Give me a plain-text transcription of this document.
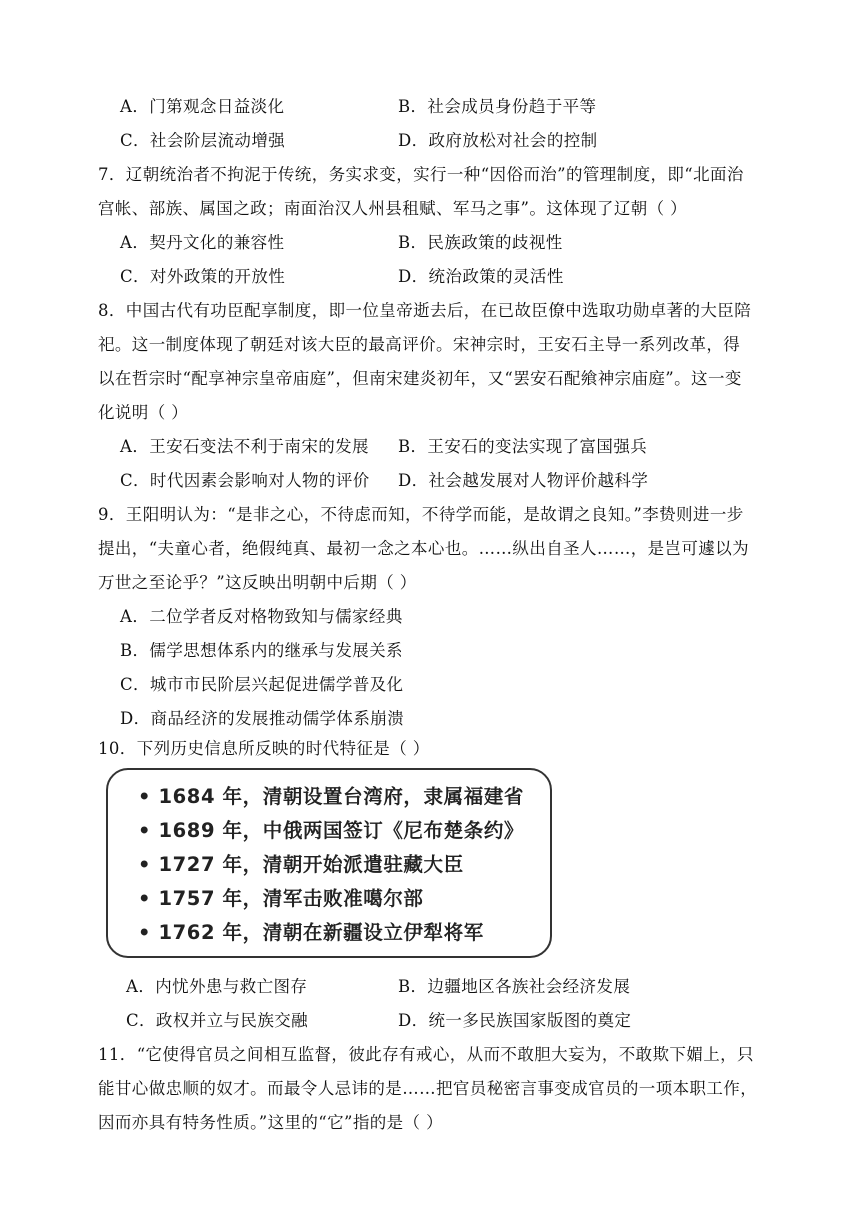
A．门第观念日益淡化	B．社会成员身份趋于平等
C．社会阶层流动增强	D．政府放松对社会的控制
7．辽朝统治者不拘泥于传统，务实求变，实行一种“因俗而治”的管理制度，即“北面治
宫帐、部族、属国之政；南面治汉人州县租赋、军马之事”。这体现了辽朝（ ）
A．契丹文化的兼容性	B．民族政策的歧视性
C．对外政策的开放性	D．统治政策的灵活性
8．中国古代有功臣配享制度，即一位皇帝逝去后，在已故臣僚中选取功勋卓著的大臣陪
祀。这一制度体现了朝廷对该大臣的最高评价。宋神宗时，王安石主导一系列改革，得
以在哲宗时“配享神宗皇帝庙庭”，但南宋建炎初年，又“罢安石配飨神宗庙庭”。这一变
化说明（ ）
A．王安石变法不利于南宋的发展 B．王安石的变法实现了富国强兵
C．时代因素会影响对人物的评价 D．社会越发展对人物评价越科学
9．王阳明认为：“是非之心，不待虑而知，不待学而能，是故谓之良知。”李贽则进一步
提出，“夫童心者，绝假纯真、最初一念之本心也。……纵出自圣人……，是岂可遽以为
万世之至论乎？”这反映出明朝中后期（ ）
A．二位学者反对格物致知与儒家经典
B．儒学思想体系内的继承与发展关系
C．城市市民阶层兴起促进儒学普及化
D．商品经济的发展推动儒学体系崩溃
10．下列历史信息所反映的时代特征是（ ）
• 1684 年，清朝设置台湾府，隶属福建省
• 1689 年，中俄两国签订《尼布楚条约》
• 1727 年，清朝开始派遣驻藏大臣
• 1757 年，清军击败准噶尔部
• 1762 年，清朝在新疆设立伊犁将军
A．内忧外患与救亡图存	B．边疆地区各族社会经济发展
C．政权并立与民族交融	D．统一多民族国家版图的奠定
11．“它使得官员之间相互监督，彼此存有戒心，从而不敢胆大妄为，不敢欺下媚上，只
能甘心做忠顺的奴才。而最令人忌讳的是……把官员秘密言事变成官员的一项本职工作，
因而亦具有特务性质。”这里的“它”指的是（ ）
